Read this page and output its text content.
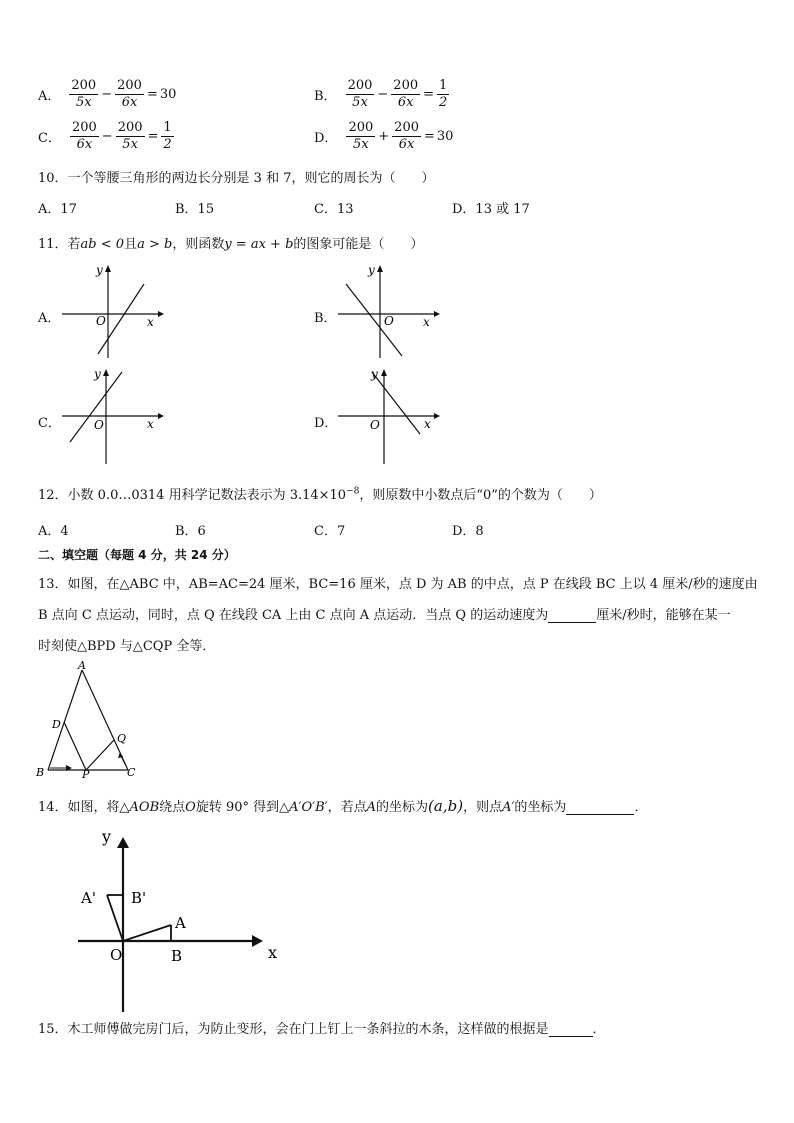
A． $\frac{200}{5x} - \frac{200}{6x} = 30$	B． $\frac{200}{5x} - \frac{200}{6x} = \frac{1}{2}$
C． $\frac{200}{6x} - \frac{200}{5x} = \frac{1}{2}$	D． $\frac{200}{5x} + \frac{200}{6x} = 30$
10．一个等腰三角形的两边长分别是 3 和 7，则它的周长为（　　）
A．17	B．15	C．13	D．13 或 17
11．若ab < 0且a > b，则函数y = ax + b的图象可能是（　　）
A．	O	x
y
B．	O x
y
C．	O	x
y
D．	O	x
y
12．小数 0.0…0314 用科学记数法表示为 $3.14\times 10^{-8}$，则原数中小数点后“0”的个数为（　　）
A．4	B．6	C．7	D．8
二、填空题（每题 4 分，共 24 分）
13．如图，在△ABC 中，AB=AC=24 厘米，BC=16 厘米，点 D 为 AB 的中点，点 P 在线段 BC 上以 4 厘米/秒的速度由
B 点向 C 点运动，同时，点 Q 在线段 CA 上由 C 点向 A 点运动．当点 Q 的运动速度为	厘米/秒时，能够在某一
时刻使△BPD 与△CQP 全等．
A
D
Q
B	P	C
14．如图，将△AOB绕点O旋转 90° 得到△A′O′B′，若点A的坐标为(a,b)，则点A′的坐标为	．
y
x
O
A
B
A' B'
15．木工师傅做完房门后，为防止变形，会在门上钉上一条斜拉的木条，这样做的根据是	．
